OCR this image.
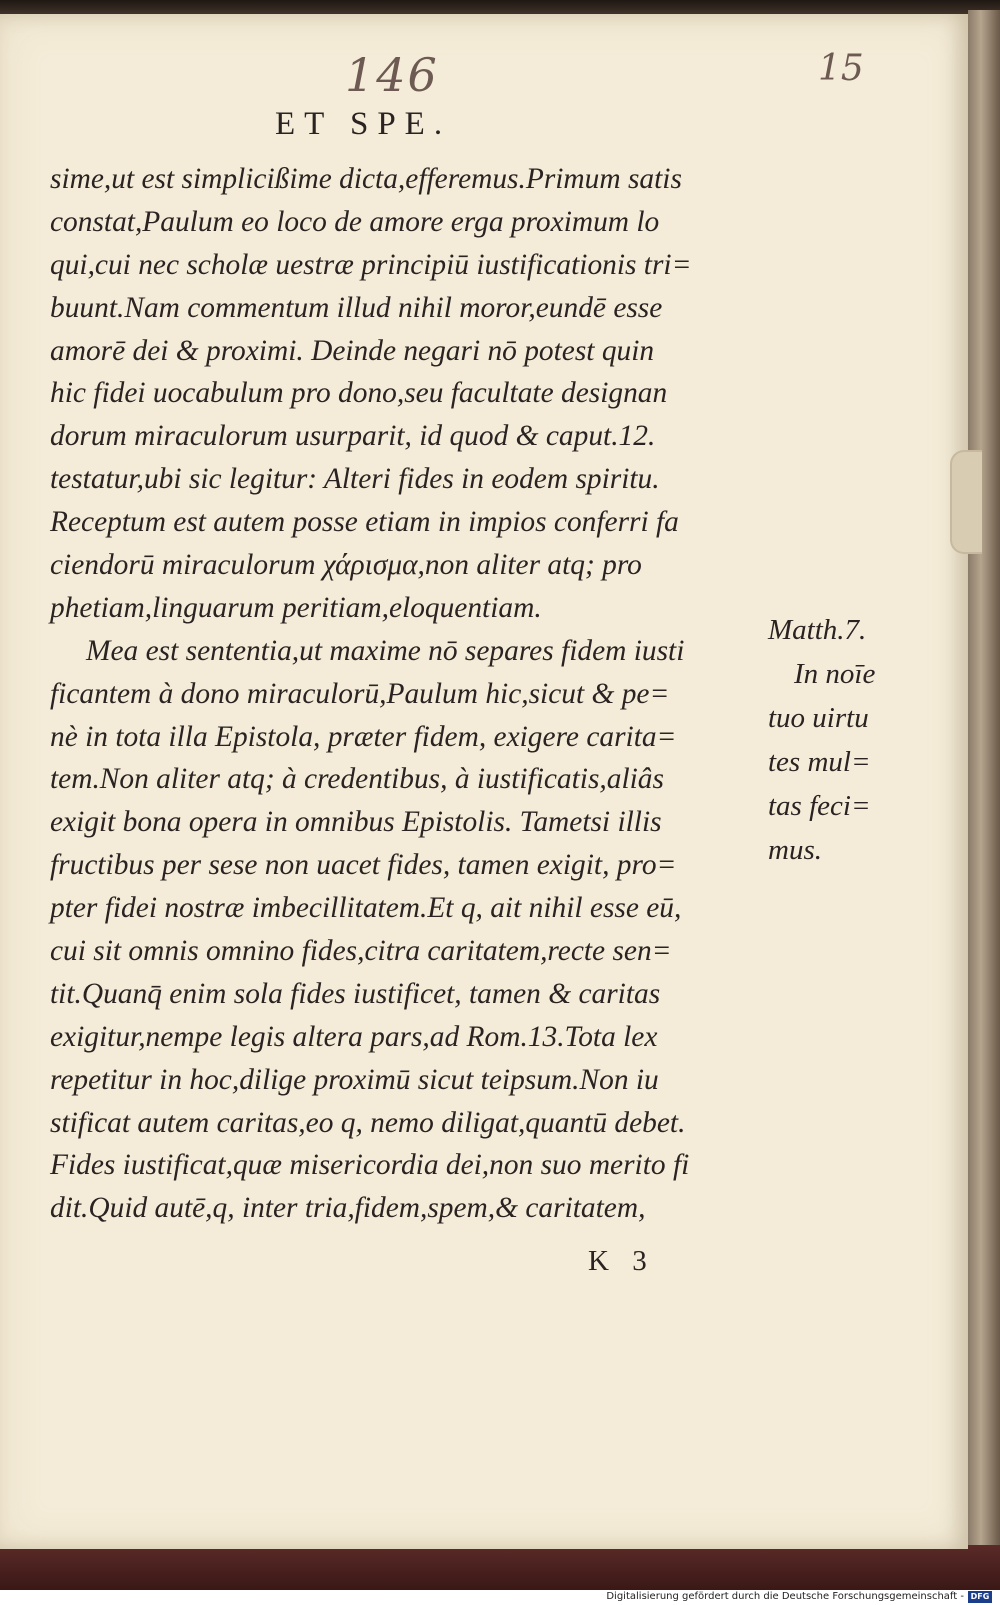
146	15
ET SPE.
sime,ut est simplicißime dicta,efferemus.Primum satis
constat,Paulum eo loco de amore erga proximum lo
qui,cui nec scholæ uestræ principiū iustificationis tri=
buunt.Nam commentum illud nihil moror,eundē esse
amorē dei & proximi. Deinde negari nō potest quin
hic fidei uocabulum pro dono,seu facultate designan
dorum miraculorum usurparit, id quod & caput.12.
testatur,ubi sic legitur: Alteri fides in eodem spiritu.
Receptum est autem posse etiam in impios conferri fa
ciendorū miraculorum χάρισμα,non aliter atq; pro
phetiam,linguarum peritiam,eloquentiam.
Mea est sententia,ut maxime nō separes fidem iusti
ficantem à dono miraculorū,Paulum hic,sicut & pe=
nè in tota illa Epistola, præter fidem, exigere carita=
tem.Non aliter atq; à credentibus, à iustificatis,aliâs
exigit bona opera in omnibus Epistolis. Tametsi illis
fructibus per sese non uacet fides, tamen exigit, pro=
pter fidei nostræ imbecillitatem.Et q, ait nihil esse eū,
cui sit omnis omnino fides,citra caritatem,recte sen=
tit.Quanq̄ enim sola fides iustificet, tamen & caritas
exigitur,nempe legis altera pars,ad Rom.13.Tota lex
repetitur in hoc,dilige proximū sicut teipsum.Non iu
stificat autem caritas,eo q, nemo diligat,quantū debet.
Fides iustificat,quæ misericordia dei,non suo merito fi
dit.Quid autē,q, inter tria,fidem,spem,& caritatem,
Matth.7.
In noīe
tuo uirtu
tes mul=
tas feci=
mus.
K 3
Digitalisierung gefördert durch die Deutsche Forschungsgemeinschaft - DFG
